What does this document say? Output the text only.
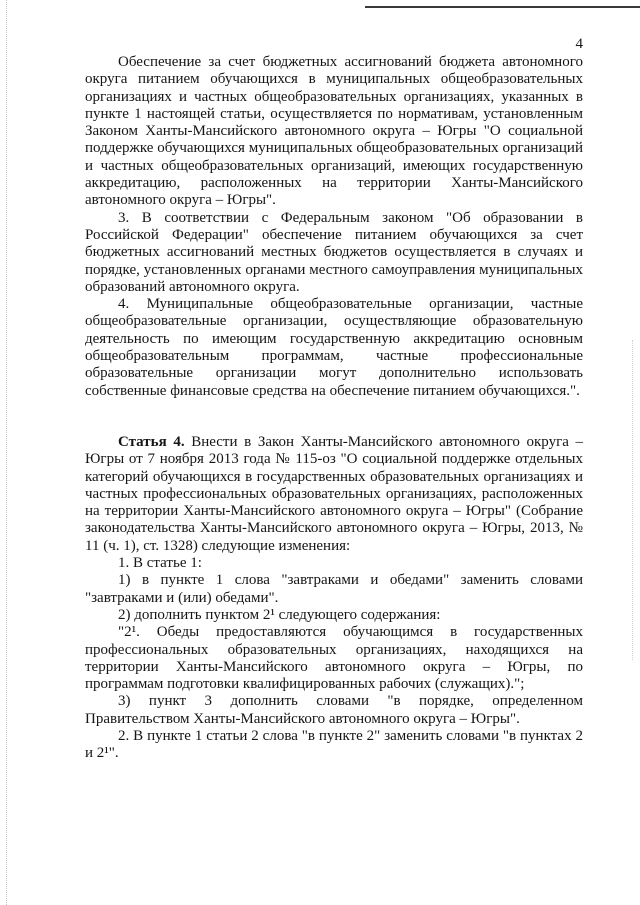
4

Обеспечение за счет бюджетных ассигнований бюджета автономного округа питанием обучающихся в муниципальных общеобразовательных организациях и частных общеобразовательных организациях, указанных в пункте 1 настоящей статьи, осуществляется по нормативам, установленным Законом Ханты-Мансийского автономного округа – Югры "О социальной поддержке обучающихся муниципальных общеобразовательных организаций и частных общеобразовательных организаций, имеющих государственную аккредитацию, расположенных на территории Ханты-Мансийского автономного округа – Югры".

3. В соответствии с Федеральным законом "Об образовании в Российской Федерации" обеспечение питанием обучающихся за счет бюджетных ассигнований местных бюджетов осуществляется в случаях и порядке, установленных органами местного самоуправления муниципальных образований автономного округа.

4. Муниципальные общеобразовательные организации, частные общеобразовательные организации, осуществляющие образовательную деятельность по имеющим государственную аккредитацию основным общеобразовательным программам, частные профессиональные образовательные организации могут дополнительно использовать собственные финансовые средства на обеспечение питанием обучающихся.".

Статья 4. Внести в Закон Ханты-Мансийского автономного округа – Югры от 7 ноября 2013 года № 115-оз "О социальной поддержке отдельных категорий обучающихся в государственных образовательных организациях и частных профессиональных образовательных организациях, расположенных на территории Ханты-Мансийского автономного округа – Югры" (Собрание законодательства Ханты-Мансийского автономного округа – Югры, 2013, № 11 (ч. 1), ст. 1328) следующие изменения:

1. В статье 1:

1) в пункте 1 слова "завтраками и обедами" заменить словами "завтраками и (или) обедами".

2) дополнить пунктом 2¹ следующего содержания:

"2¹. Обеды предоставляются обучающимся в государственных профессиональных образовательных организациях, находящихся на территории Ханты-Мансийского автономного округа – Югры, по программам подготовки квалифицированных рабочих (служащих).";

3) пункт 3 дополнить словами "в порядке, определенном Правительством Ханты-Мансийского автономного округа – Югры".

2. В пункте 1 статьи 2 слова "в пункте 2" заменить словами "в пунктах 2 и 2¹".
